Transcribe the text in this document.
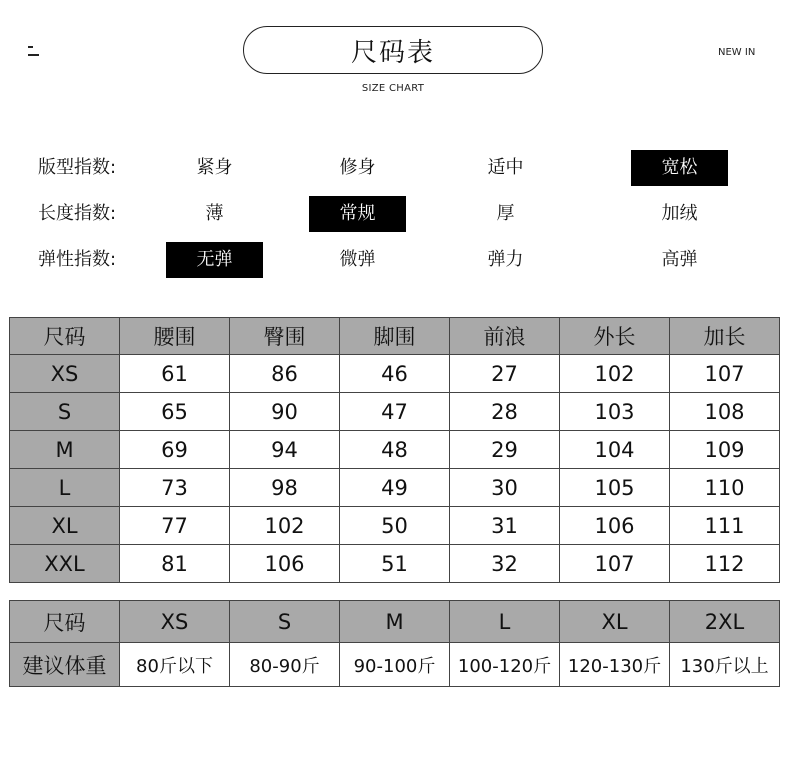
尺码表
SIZE CHART
NEW IN
版型指数:	紧身	修身	适中	宽松
长度指数:	薄	常规	厚	加绒
弹性指数:	无弹	微弹	弹力	高弹
尺码	腰围	臀围	脚围	前浪	外长	加长
XS	61	86	46	27	102	107
S	65	90	47	28	103	108
M	69	94	48	29	104	109
L	73	98	49	30	105	110
XL	77	102	50	31	106	111
XXL	81	106	51	32	107	112
尺码	XS	S	M	L	XL	2XL
建议体重	80斤以下	80-90斤	90-100斤	100-120斤	120-130斤	130斤以上
